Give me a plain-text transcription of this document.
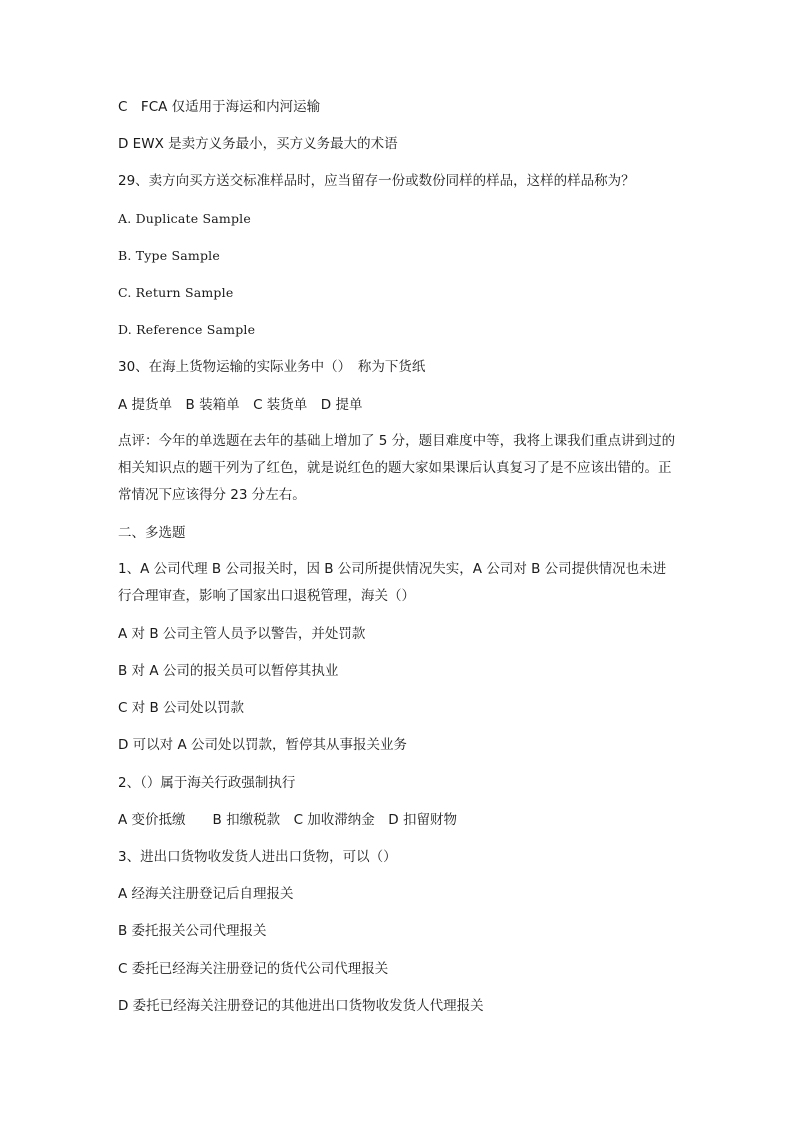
C　FCA 仅适用于海运和内河运输
D EWX 是卖方义务最小，买方义务最大的术语
29、卖方向买方送交标准样品时，应当留存一份或数份同样的样品，这样的样品称为？
A. Duplicate Sample
B. Type Sample
C. Return Sample
D. Reference Sample
30、在海上货物运输的实际业务中（）　称为下货纸
A 提货单　B 装箱单　C 装货单　D 提单
点评：今年的单选题在去年的基础上增加了 5 分，题目难度中等，我将上课我们重点讲到过的相关知识点的题干列为了红色，就是说红色的题大家如果课后认真复习了是不应该出错的。正常情况下应该得分 23 分左右。
二、多选题
1、A 公司代理 B 公司报关时，因 B 公司所提供情况失实，A 公司对 B 公司提供情况也未进行合理审查，影响了国家出口退税管理，海关（）
A 对 B 公司主管人员予以警告，并处罚款
B 对 A 公司的报关员可以暂停其执业
C 对 B 公司处以罚款
D 可以对 A 公司处以罚款，暂停其从事报关业务
2、（）属于海关行政强制执行
A 变价抵缴　　B 扣缴税款　C 加收滞纳金　D 扣留财物
3、进出口货物收发货人进出口货物，可以（）
A 经海关注册登记后自理报关
B 委托报关公司代理报关
C 委托已经海关注册登记的货代公司代理报关
D 委托已经海关注册登记的其他进出口货物收发货人代理报关
